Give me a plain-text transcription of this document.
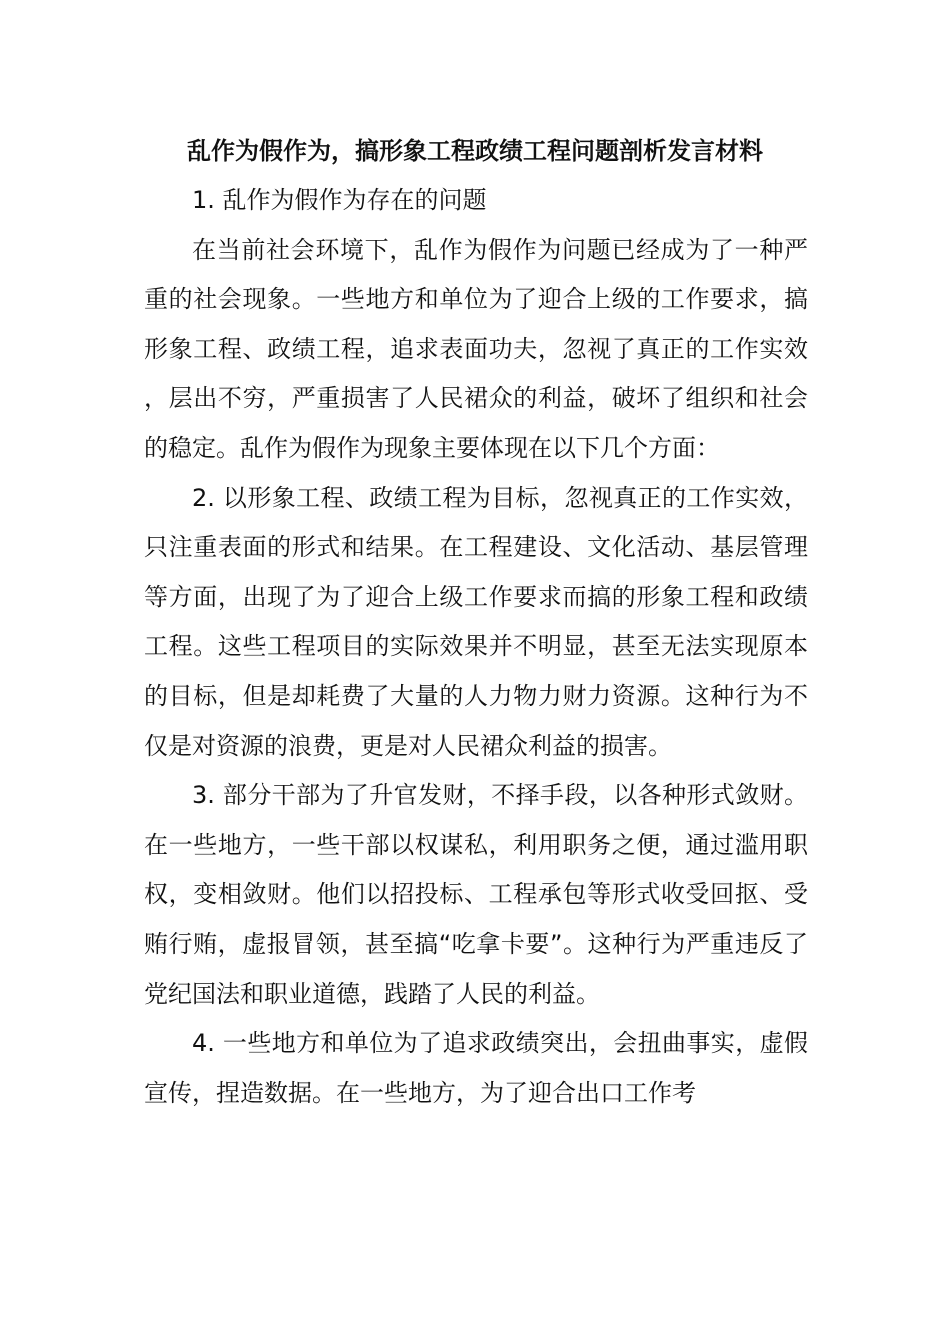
乱作为假作为，搞形象工程政绩工程问题剖析发言材料

1. 乱作为假作为存在的问题

在当前社会环境下，乱作为假作为问题已经成为了一种严重的社会现象。一些地方和单位为了迎合上级的工作要求，搞形象工程、政绩工程，追求表面功夫，忽视了真正的工作实效，层出不穷，严重损害了人民裙众的利益，破坏了组织和社会的稳定。乱作为假作为现象主要体现在以下几个方面：

2. 以形象工程、政绩工程为目标，忽视真正的工作实效，只注重表面的形式和结果。在工程建设、文化活动、基层管理等方面，出现了为了迎合上级工作要求而搞的形象工程和政绩工程。这些工程项目的实际效果并不明显，甚至无法实现原本的目标，但是却耗费了大量的人力物力财力资源。这种行为不仅是对资源的浪费，更是对人民裙众利益的损害。

3. 部分干部为了升官发财，不择手段，以各种形式敛财。在一些地方，一些干部以权谋私，利用职务之便，通过滥用职权，变相敛财。他们以招投标、工程承包等形式收受回抠、受贿行贿，虚报冒领，甚至搞“吃拿卡要”。这种行为严重违反了党纪国法和职业道德，践踏了人民的利益。

4. 一些地方和单位为了追求政绩突出，会扭曲事实，虚假宣传，捏造数据。在一些地方，为了迎合出口工作考
